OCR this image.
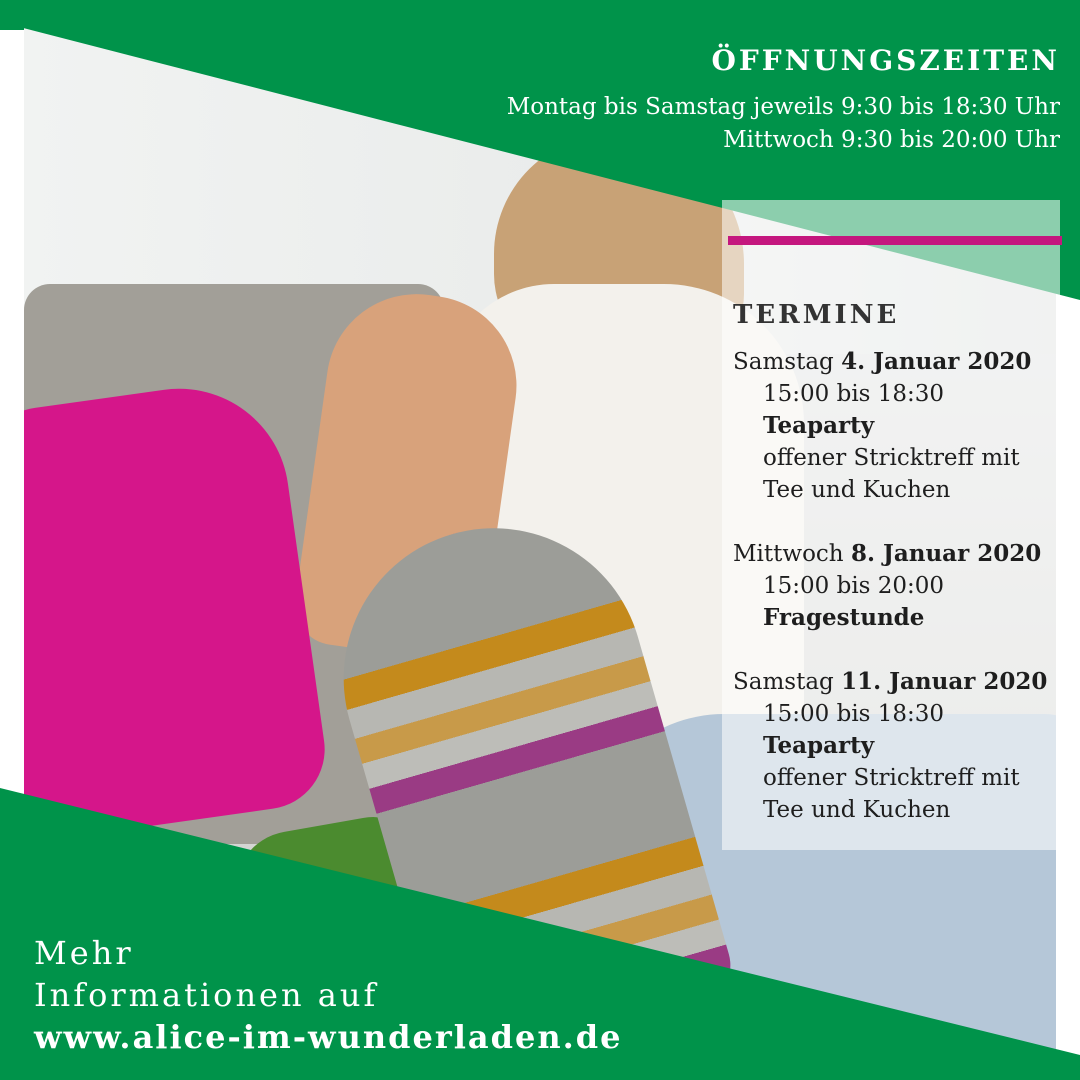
ÖFFNUNGSZEITEN
Montag bis Samstag jeweils 9:30 bis 18:30 Uhr
Mittwoch 9:30 bis 20:00 Uhr
TERMINE
Samstag 4. Januar 2020
15:00 bis 18:30
Teaparty
offener Stricktreff mit Tee und Kuchen
Mittwoch 8. Januar 2020
15:00 bis 20:00
Fragestunde
Samstag 11. Januar 2020
15:00 bis 18:30
Teaparty
offener Stricktreff mit Tee und Kuchen
Mehr
Informationen auf
www.alice-im-wunderladen.de
